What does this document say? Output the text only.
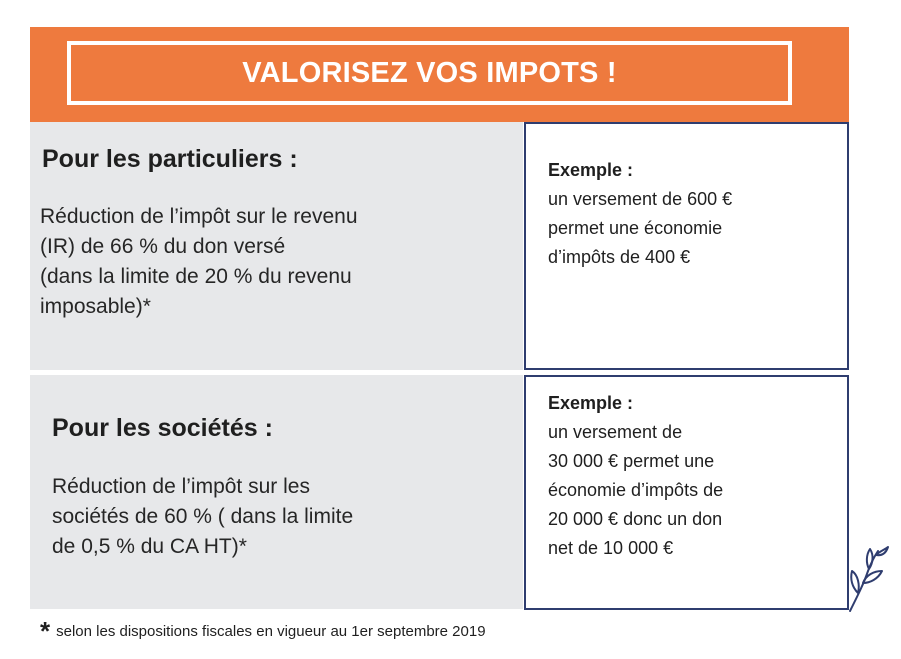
VALORISEZ VOS IMPOTS !
Pour les particuliers :
Réduction de l’impôt sur le revenu
(IR) de 66 % du don versé
(dans la limite de 20 % du revenu
imposable)*
Exemple :
un versement de 600 €
permet une économie
d’impôts de 400 €
Pour les sociétés :
Réduction de l’impôt sur les
sociétés de 60 % ( dans la limite
de 0,5 % du CA HT)*
Exemple :
un versement de
30 000 € permet une
économie d’impôts de
20 000 € donc un don
net de 10 000 €
* selon les dispositions fiscales en vigueur au 1er septembre 2019
